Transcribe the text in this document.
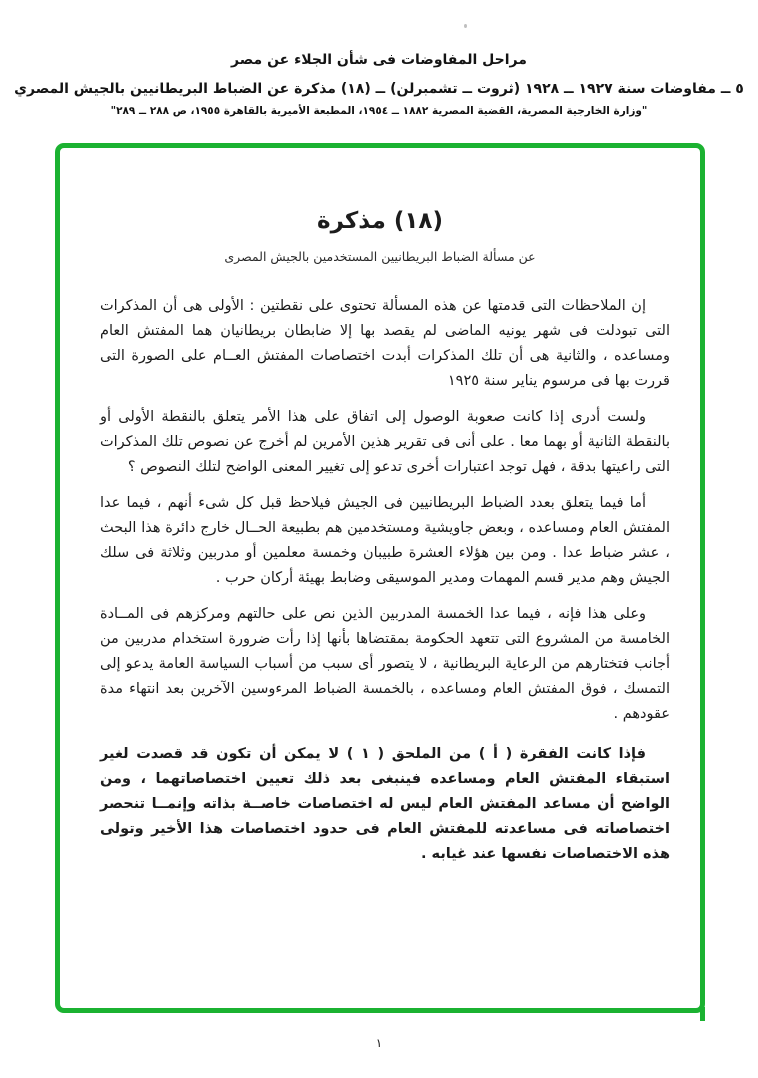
مراحل المفاوضات فى شأن الجلاء عن مصر

٥ ــ مفاوضات سنة ١٩٢٧ ــ ١٩٢٨ (ثروت ــ تشمبرلن) ــ (١٨) مذكرة عن الضباط البريطانيين بالجيش المصري

"وزارة الخارجية المصرية، القضية المصرية ١٨٨٢ ــ ١٩٥٤، المطبعة الأميرية بالقاهرة ١٩٥٥، ص ٢٨٨ ــ ٢٨٩"

(١٨) مذكرة
عن مسألة الضباط البريطانيين المستخدمين بالجيش المصرى

إن الملاحظات التى قدمتها عن هذه المسألة تحتوى على نقطتين : الأولى هى أن المذكرات التى تبودلت فى شهر يونيه الماضى لم يقصد بها إلا ضابطان بريطانيان هما المفتش العام ومساعده ، والثانية هى أن تلك المذكرات أبدت اختصاصات المفتش العــام على الصورة التى قررت بها فى مرسوم يناير سنة ١٩٢٥

ولست أدرى إذا كانت صعوبة الوصول إلى اتفاق على هذا الأمر يتعلق بالنقطة الأولى أو بالنقطة الثانية أو بهما معا . على أنى فى تقرير هذين الأمرين لم أخرج عن نصوص تلك المذكرات التى راعيتها بدقة ، فهل توجد اعتبارات أخرى تدعو إلى تغيير المعنى الواضح لتلك النصوص ؟

أما فيما يتعلق بعدد الضباط البريطانيين فى الجيش فيلاحظ قبل كل شىء أنهم ، فيما عدا المفتش العام ومساعده ، وبعض جاويشية ومستخدمين هم بطبيعة الحــال خارج دائرة هذا البحث ، عشر ضباط عدا . ومن بين هؤلاء العشرة طبيبان وخمسة معلمين أو مدربين وثلاثة فى سلك الجيش وهم مدير قسم المهمات ومدير الموسيقى وضابط بهيئة أركان حرب .

وعلى هذا فإنه ، فيما عدا الخمسة المدربين الذين نص على حالتهم ومركزهم فى المــادة الخامسة من المشروع التى تتعهد الحكومة بمقتضاها بأنها إذا رأت ضرورة استخدام مدربين من أجانب فتختارهم من الرعاية البريطانية ، لا يتصور أى سبب من أسباب السياسة العامة يدعو إلى التمسك ، فوق المفتش العام ومساعده ، بالخمسة الضباط المرءوسين الآخرين بعد انتهاء مدة عقودهم .

فإذا كانت الفقرة ( أ ) من الملحق ( ١ ) لا يمكن أن تكون قد قصدت لغير استبقاء المفتش العام ومساعده فينبغى بعد ذلك تعيين اختصاصاتهما ، ومن الواضح أن مساعد المفتش العام ليس له اختصاصات خاصــة بذاته وإنمــا تنحصر اختصاصاته فى مساعدته للمفتش العام فى حدود اختصاصات هذا الأخير وتولى هذه الاختصاصات نفسها عند غيابه .

١
